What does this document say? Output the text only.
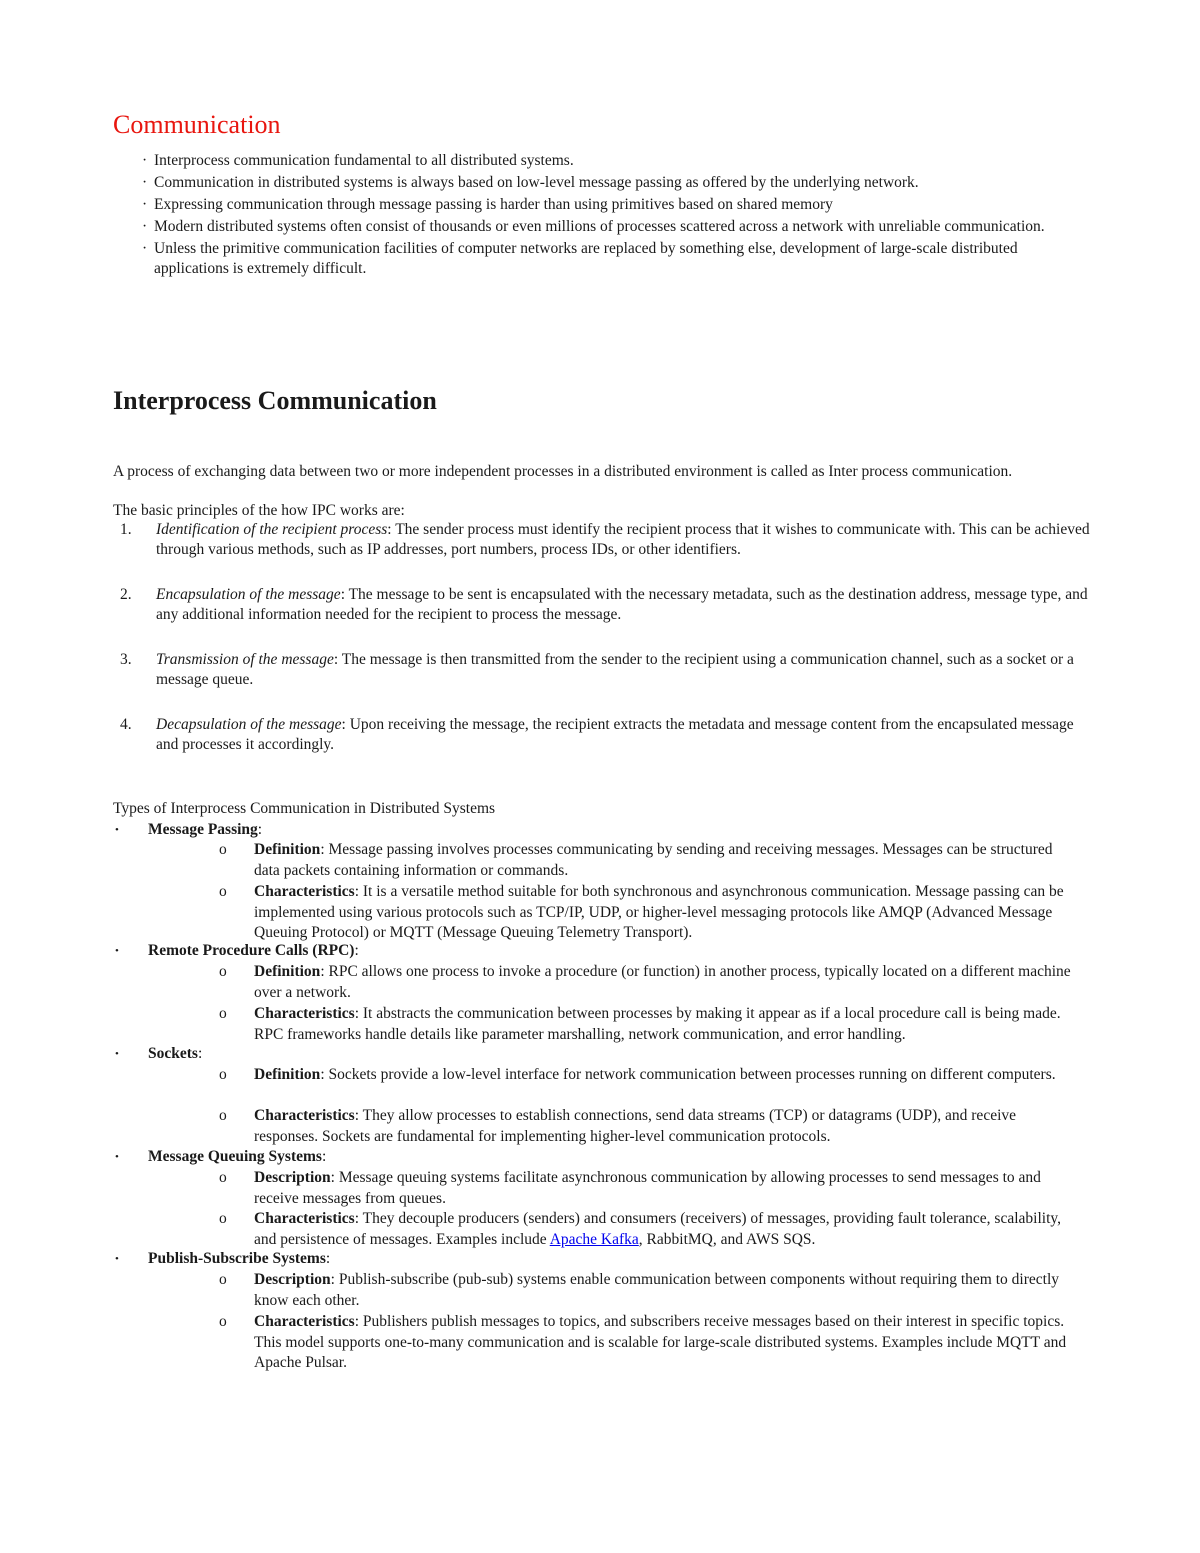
Communication
· Interprocess communication fundamental to all distributed systems.
· Communication in distributed systems is always based on low-level message passing as offered by the underlying network.
· Expressing communication through message passing is harder than using primitives based on shared memory
· Modern distributed systems often consist of thousands or even millions of processes scattered across a network with unreliable communication.
· Unless the primitive communication facilities of computer networks are replaced by something else, development of large-scale distributed applications is extremely difficult.
Interprocess Communication

A process of exchanging data between two or more independent processes in a distributed environment is called as Inter process communication.

The basic principles of the how IPC works are:

1. Identification of the recipient process: The sender process must identify the recipient process that it wishes to communicate with. This can be achieved through various methods, such as IP addresses, port numbers, process IDs, or other identifiers.
2. Encapsulation of the message: The message to be sent is encapsulated with the necessary metadata, such as the destination address, message type, and any additional information needed for the recipient to process the message.
3. Transmission of the message: The message is then transmitted from the sender to the recipient using a communication channel, such as a socket or a message queue.
4. Decapsulation of the message: Upon receiving the message, the recipient extracts the metadata and message content from the encapsulated message and processes it accordingly.

Types of Interprocess Communication in Distributed Systems

• Message Passing:
o Definition: Message passing involves processes communicating by sending and receiving messages. Messages can be structured data packets containing information or commands.
o Characteristics: It is a versatile method suitable for both synchronous and asynchronous communication. Message passing can be implemented using various protocols such as TCP/IP, UDP, or higher-level messaging protocols like AMQP (Advanced Message Queuing Protocol) or MQTT (Message Queuing Telemetry Transport).
• Remote Procedure Calls (RPC):
o Definition: RPC allows one process to invoke a procedure (or function) in another process, typically located on a different machine over a network.
o Characteristics: It abstracts the communication between processes by making it appear as if a local procedure call is being made. RPC frameworks handle details like parameter marshalling, network communication, and error handling.
• Sockets:
o Definition: Sockets provide a low-level interface for network communication between processes running on different computers.
o Characteristics: They allow processes to establish connections, send data streams (TCP) or datagrams (UDP), and receive responses. Sockets are fundamental for implementing higher-level communication protocols.
• Message Queuing Systems:
o Description: Message queuing systems facilitate asynchronous communication by allowing processes to send messages to and receive messages from queues.
o Characteristics: They decouple producers (senders) and consumers (receivers) of messages, providing fault tolerance, scalability, and persistence of messages. Examples include Apache Kafka, RabbitMQ, and AWS SQS.
• Publish-Subscribe Systems:
o Description: Publish-subscribe (pub-sub) systems enable communication between components without requiring them to directly know each other.
o Characteristics: Publishers publish messages to topics, and subscribers receive messages based on their interest in specific topics. This model supports one-to-many communication and is scalable for large-scale distributed systems. Examples include MQTT and Apache Pulsar.
